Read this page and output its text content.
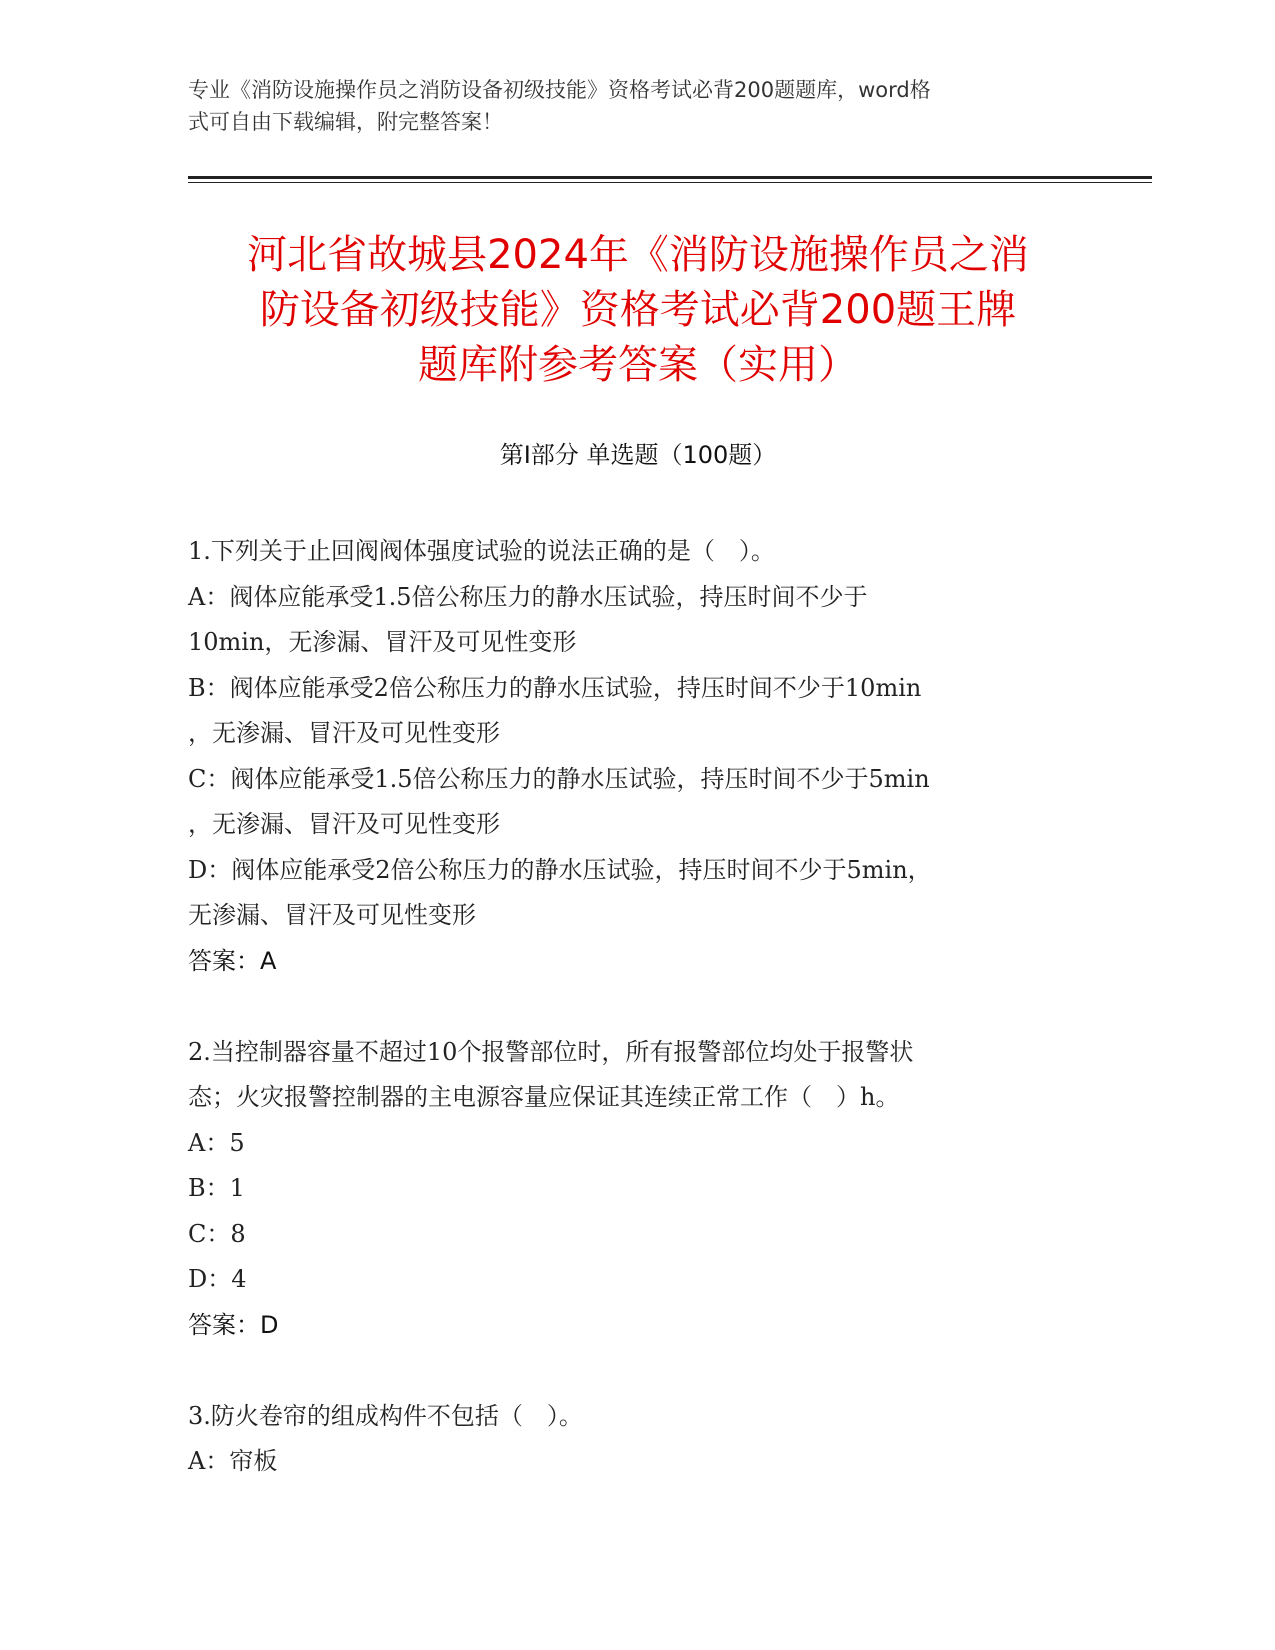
专业《消防设施操作员之消防设备初级技能》资格考试必背200题题库，word格
式可自由下载编辑，附完整答案！
河北省故城县2024年《消防设施操作员之消
防设备初级技能》资格考试必背200题王牌
题库附参考答案（实用）
第Ⅰ部分 单选题（100题）
1.下列关于止回阀阀体强度试验的说法正确的是（　）。
A：阀体应能承受1.5倍公称压力的静水压试验，持压时间不少于
10min，无渗漏、冒汗及可见性变形
B：阀体应能承受2倍公称压力的静水压试验，持压时间不少于10min
，无渗漏、冒汗及可见性变形
C：阀体应能承受1.5倍公称压力的静水压试验，持压时间不少于5min
，无渗漏、冒汗及可见性变形
D：阀体应能承受2倍公称压力的静水压试验，持压时间不少于5min，
无渗漏、冒汗及可见性变形
答案：A
2.当控制器容量不超过10个报警部位时，所有报警部位均处于报警状
态；火灾报警控制器的主电源容量应保证其连续正常工作（　）h。
A：5
B：1
C：8
D：4
答案：D
3.防火卷帘的组成构件不包括（　）。
A：帘板
